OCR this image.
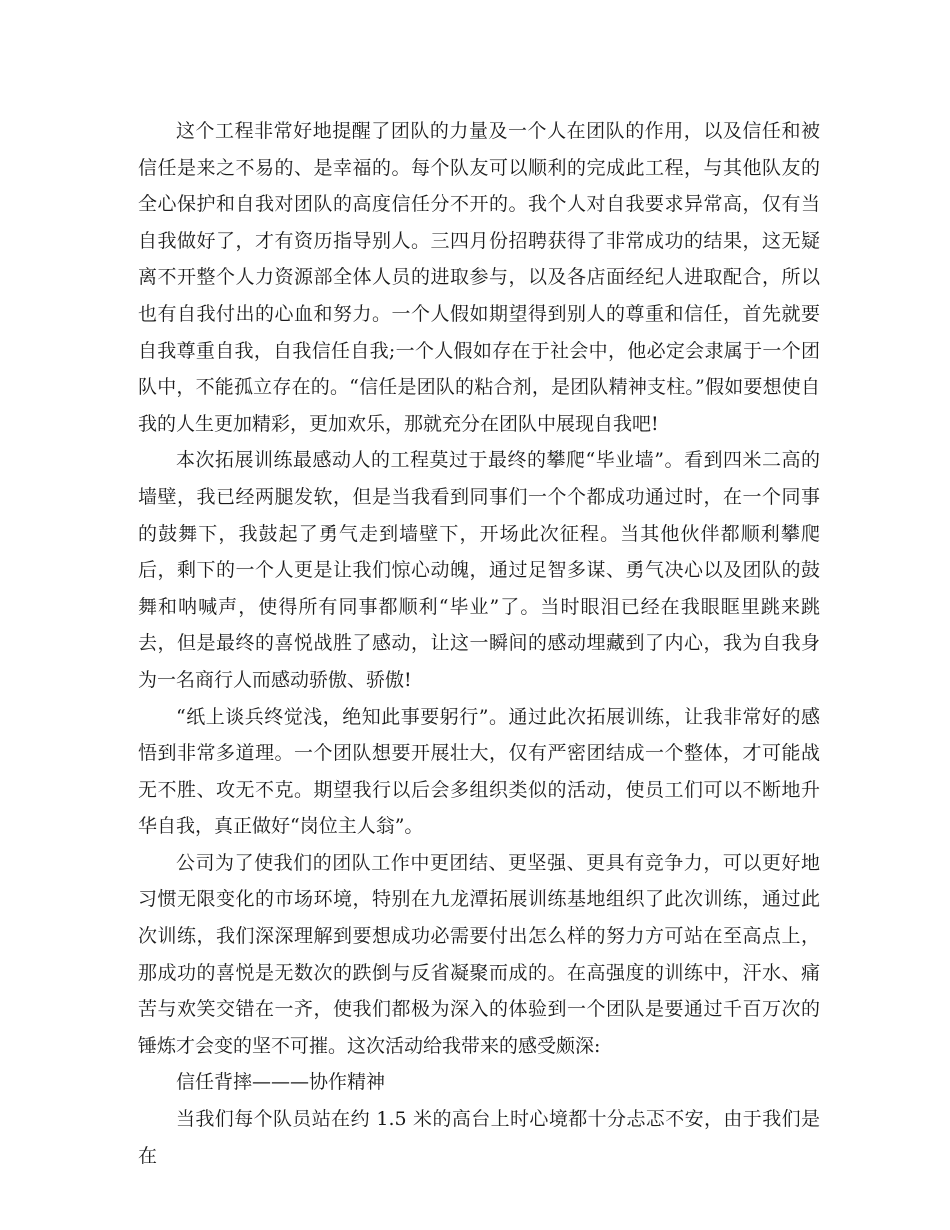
这个工程非常好地提醒了团队的力量及一个人在团队的作用，以及信任和被信任是来之不易的、是幸福的。每个队友可以顺利的完成此工程，与其他队友的全心保护和自我对团队的高度信任分不开的。我个人对自我要求异常高，仅有当自我做好了，才有资历指导别人。三四月份招聘获得了非常成功的结果，这无疑离不开整个人力资源部全体人员的进取参与，以及各店面经纪人进取配合，所以也有自我付出的心血和努力。一个人假如期望得到别人的尊重和信任，首先就要自我尊重自我，自我信任自我;一个人假如存在于社会中，他必定会隶属于一个团队中，不能孤立存在的。“信任是团队的粘合剂，是团队精神支柱。”假如要想使自我的人生更加精彩，更加欢乐，那就充分在团队中展现自我吧!

本次拓展训练最感动人的工程莫过于最终的攀爬“毕业墙”。看到四米二高的墙壁，我已经两腿发软，但是当我看到同事们一个个都成功通过时，在一个同事的鼓舞下，我鼓起了勇气走到墙壁下，开场此次征程。当其他伙伴都顺利攀爬后，剩下的一个人更是让我们惊心动魄，通过足智多谋、勇气决心以及团队的鼓舞和呐喊声，使得所有同事都顺利“毕业”了。当时眼泪已经在我眼眶里跳来跳去，但是最终的喜悦战胜了感动，让这一瞬间的感动埋藏到了内心，我为自我身为一名商行人而感动骄傲、骄傲!

“纸上谈兵终觉浅，绝知此事要躬行”。通过此次拓展训练，让我非常好的感悟到非常多道理。一个团队想要开展壮大，仅有严密团结成一个整体，才可能战无不胜、攻无不克。期望我行以后会多组织类似的活动，使员工们可以不断地升华自我，真正做好“岗位主人翁”。

公司为了使我们的团队工作中更团结、更坚强、更具有竞争力，可以更好地习惯无限变化的市场环境，特别在九龙潭拓展训练基地组织了此次训练，通过此次训练，我们深深理解到要想成功必需要付出怎么样的努力方可站在至高点上，那成功的喜悦是无数次的跌倒与反省凝聚而成的。在高强度的训练中，汗水、痛苦与欢笑交错在一齐，使我们都极为深入的体验到一个团队是要通过千百万次的锤炼才会变的坚不可摧。这次活动给我带来的感受颇深:

信任背摔———协作精神

当我们每个队员站在约 1.5 米的高台上时心境都十分忐忑不安，由于我们是在
